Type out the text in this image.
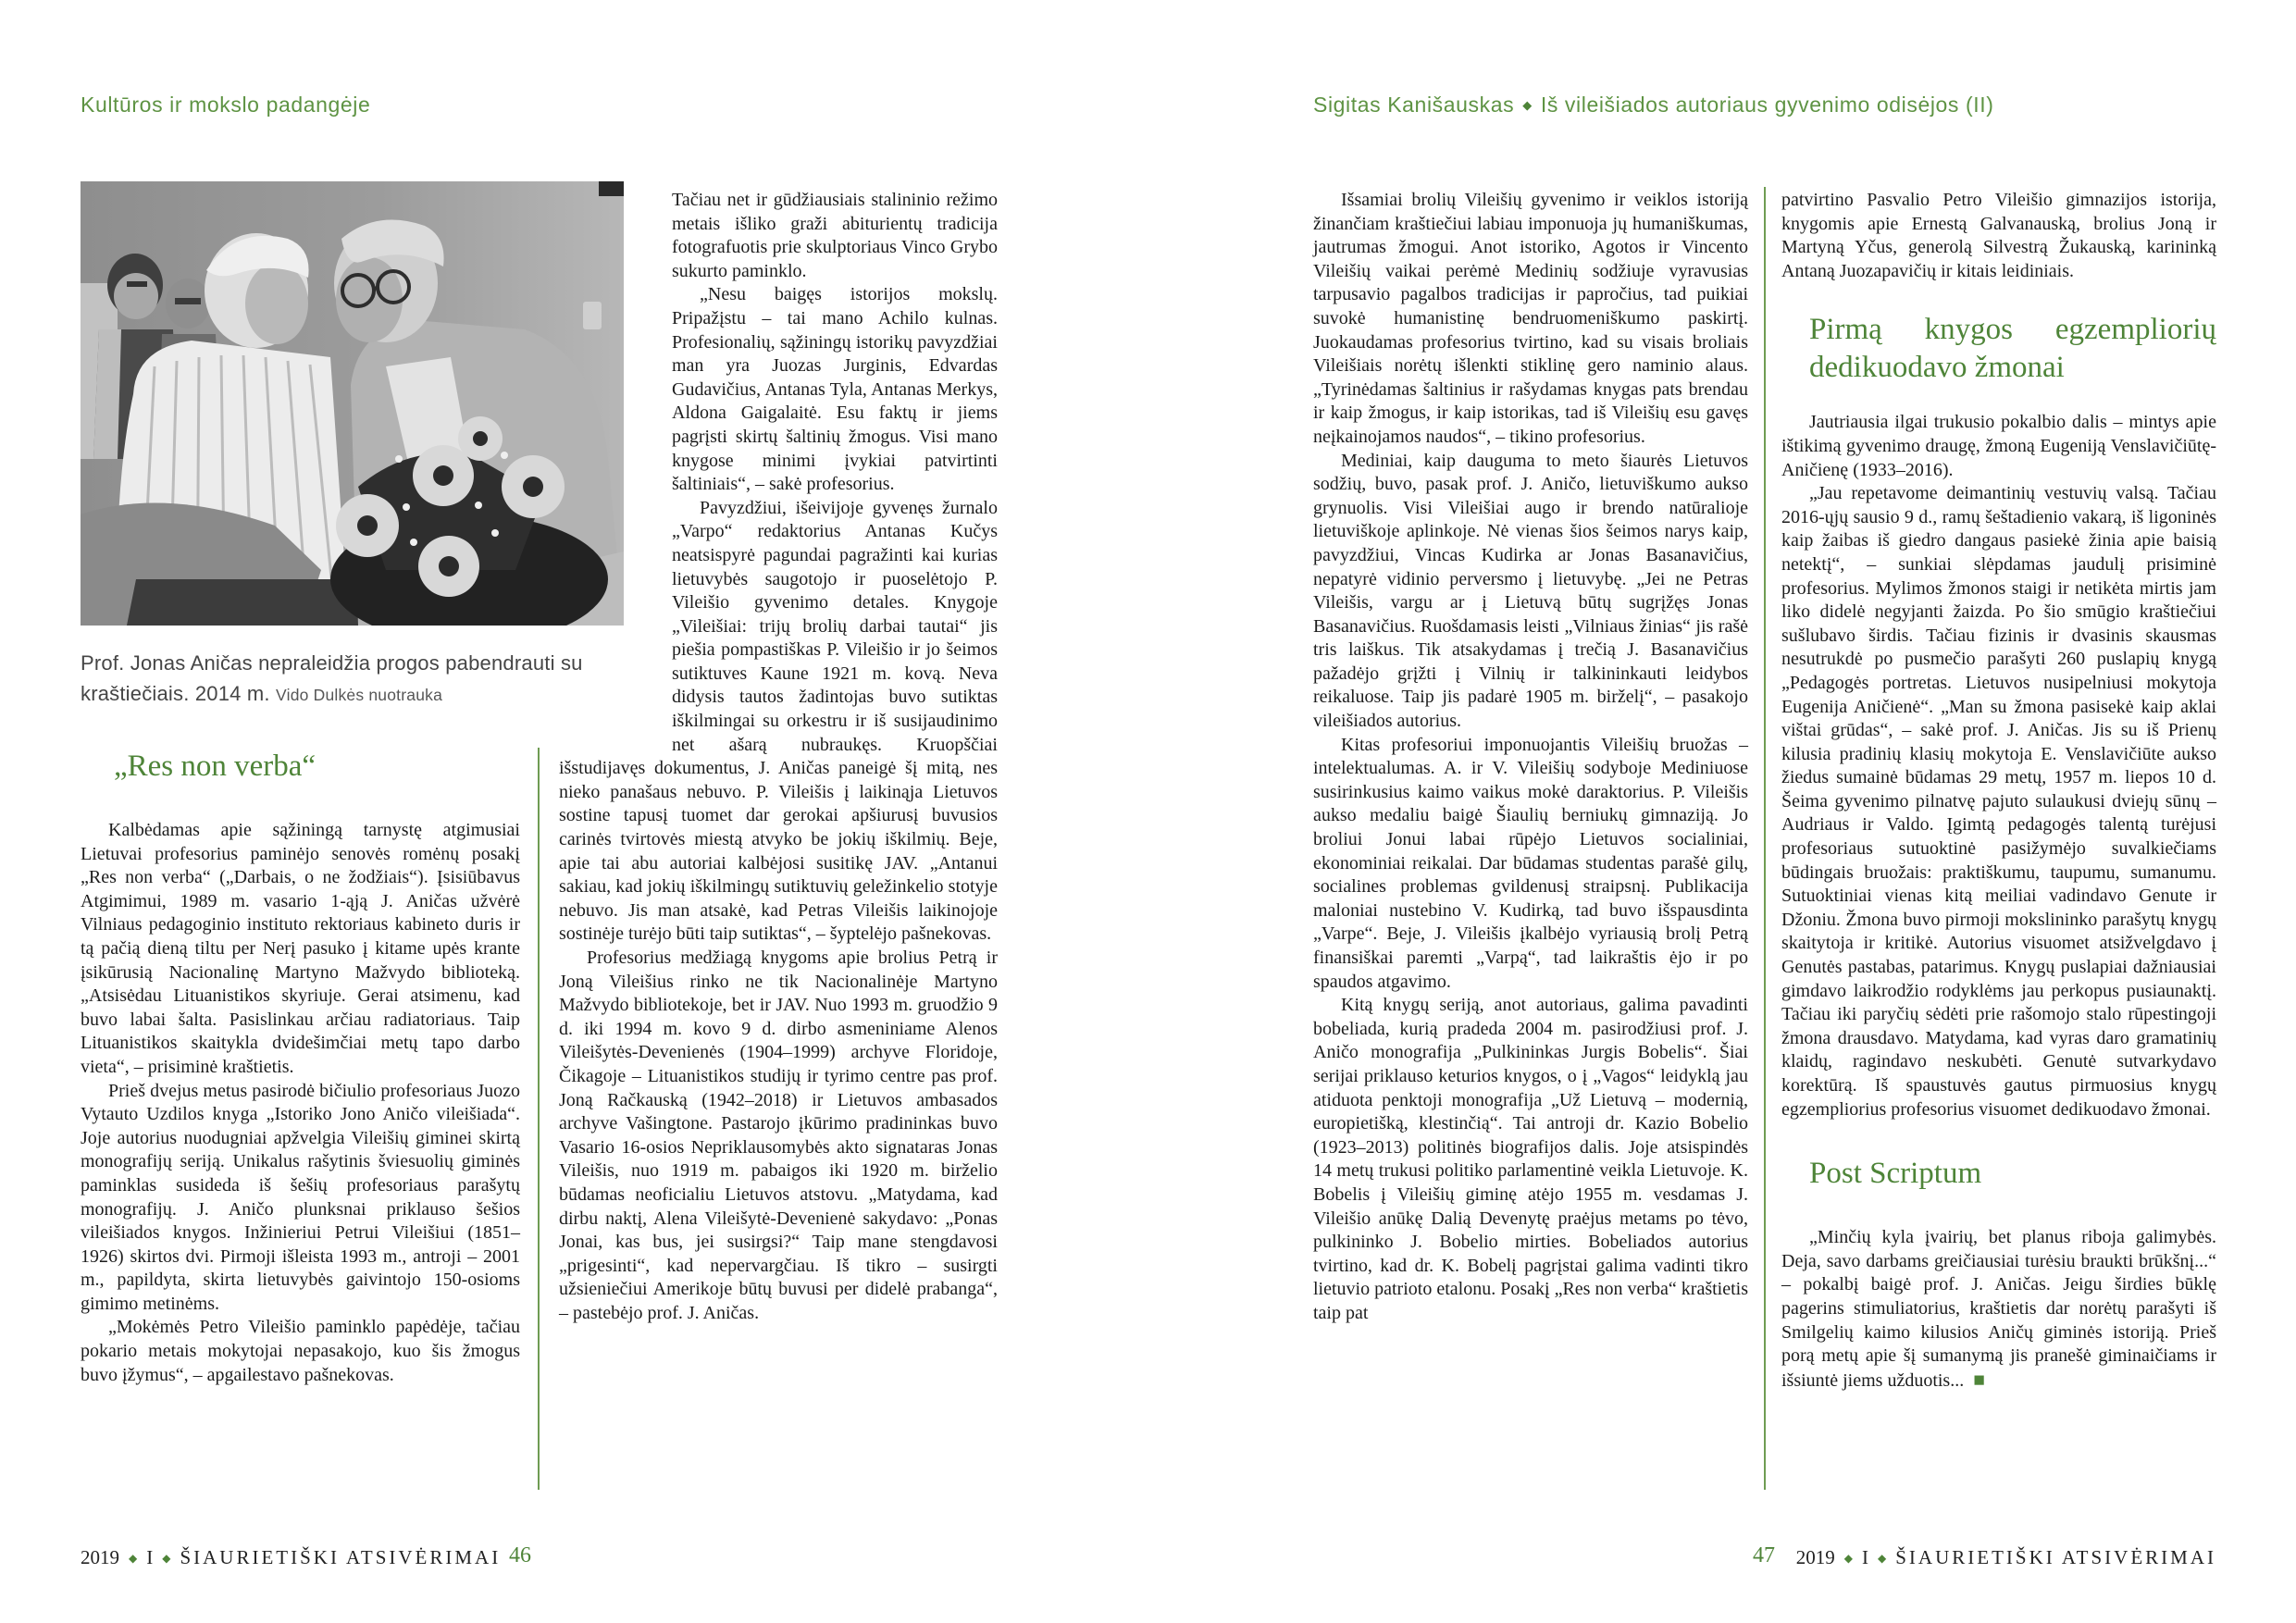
Kultūros ir mokslo padangėje	Sigitas Kanišauskas ◆ Iš vileišiados autoriaus gyvenimo odisėjos (II)
Prof. Jonas Aničas nepraleidžia progos pabendrauti su kraštiečiais. 2014 m. Vido Dulkės nuotrauka
„Res non verba“

Kalbėdamas apie sąžiningą tarnystę atgimusiai Lietuvai profesorius paminėjo senovės romėnų posakį „Res non verba“ („Darbais, o ne žodžiais“). Įsisiūbavus Atgimimui, 1989 m. vasario 1-ąją J. Aničas užvėrė Vilniaus pedagoginio instituto rektoriaus kabineto duris ir tą pačią dieną tiltu per Nerį pasuko į kitame upės krante įsikūrusią Nacionalinę Martyno Mažvydo biblioteką. „Atsisėdau Lituanistikos skyriuje. Gerai atsimenu, kad buvo labai šalta. Pasislinkau arčiau radiatoriaus. Taip Lituanistikos skaitykla dvidešimčiai metų tapo darbo vieta“, – prisiminė kraštietis.

Prieš dvejus metus pasirodė bičiulio profesoriaus Juozo Vytauto Uzdilos knyga „Istoriko Jono Aničo vileišiada“. Joje autorius nuodugniai apžvelgia Vileišių giminei skirtą monografijų seriją. Unikalus rašytinis šviesuolių giminės paminklas susideda iš šešių profesoriaus parašytų monografijų. J. Aničo plunksnai priklauso šešios vileišiados knygos. Inžinieriui Petrui Vileišiui (1851–1926) skirtos dvi. Pirmoji išleista 1993 m., antroji – 2001 m., papildyta, skirta lietuvybės gaivintojo 150-osioms gimimo metinėms.

„Mokėmės Petro Vileišio paminklo papėdėje, tačiau pokario metais mokytojai nepasakojo, kuo šis žmogus buvo įžymus“, – apgailestavo pašnekovas.

Tačiau net ir gūdžiausiais stalininio režimo metais išliko graži abiturientų tradicija fotografuotis prie skulptoriaus Vinco Grybo sukurto paminklo.

„Nesu baigęs istorijos mokslų. Pripažįstu – tai mano Achilo kulnas. Profesionalių, sąžiningų istorikų pavyzdžiai man yra Juozas Jurginis, Edvardas Gudavičius, Antanas Tyla, Antanas Merkys, Aldona Gaigalaitė. Esu faktų ir jiems pagrįsti skirtų šaltinių žmogus. Visi mano knygose minimi įvykiai patvirtinti šaltiniais“, – sakė profesorius.

Pavyzdžiui, išeivijoje gyvenęs žurnalo „Varpo“ redaktorius Antanas Kučys neatsispyrė pagundai pagražinti kai kurias lietuvybės saugotojo ir puoselėtojo P. Vileišio gyvenimo detales. Knygoje „Vileišiai: trijų brolių darbai tautai“ jis piešia pompastiškas P. Vileišio ir jo šeimos sutiktuves Kaune 1921 m. kovą. Neva didysis tautos žadintojas buvo sutiktas iškilmingai su orkestru ir iš susijaudinimo net ašarą nubraukęs. Kruopščiai išstudijavęs dokumentus, J. Aničas paneigė šį mitą, nes nieko panašaus nebuvo. P. Vileišis į laikinąja Lietuvos sostine tapusį tuomet dar gerokai apšiurusį buvusios carinės tvirtovės miestą atvyko be jokių iškilmių. Beje, apie tai abu autoriai kalbėjosi susitikę JAV. „Antanui sakiau, kad jokių iškilmingų sutiktuvių geležinkelio stotyje nebuvo. Jis man atsakė, kad Petras Vileišis laikinojoje sostinėje turėjo būti taip sutiktas“, – šyptelėjo pašnekovas.

Profesorius medžiagą knygoms apie brolius Petrą ir Joną Vileišius rinko ne tik Nacionalinėje Martyno Mažvydo bibliotekoje, bet ir JAV. Nuo 1993 m. gruodžio 9 d. iki 1994 m. kovo 9 d. dirbo asmeniniame Alenos Vileišytės-Devenienės (1904–1999) archyve Floridoje, Čikagoje – Lituanistikos studijų ir tyrimo centre pas prof. Joną Račkauską (1942–2018) ir Lietuvos ambasados archyve Vašingtone. Pastarojo įkūrimo pradininkas buvo Vasario 16-osios Nepriklausomybės akto signataras Jonas Vileišis, nuo 1919 m. pabaigos iki 1920 m. birželio būdamas neoficialiu Lietuvos atstovu. „Matydama, kad dirbu naktį, Alena Vileišytė-Devenienė sakydavo: „Ponas Jonai, kas bus, jei susirgsi?“ Taip mane stengdavosi „prigesinti“, kad nepervargčiau. Iš tikro – susirgti užsieniečiui Amerikoje būtų buvusi per didelė prabanga“, – pastebėjo prof. J. Aničas.

Išsamiai brolių Vileišių gyvenimo ir veiklos istoriją žinančiam kraštiečiui labiau imponuoja jų humaniškumas, jautrumas žmogui. Anot istoriko, Agotos ir Vincento Vileišių vaikai perėmė Medinių sodžiuje vyravusias tarpusavio pagalbos tradicijas ir papročius, tad puikiai suvokė humanistinę bendruomeniškumo paskirtį. Juokaudamas profesorius tvirtino, kad su visais broliais Vileišiais norėtų išlenkti stiklinę gero naminio alaus. „Tyrinėdamas šaltinius ir rašydamas knygas pats brendau ir kaip žmogus, ir kaip istorikas, tad iš Vileišių esu gavęs neįkainojamos naudos“, – tikino profesorius.

Mediniai, kaip dauguma to meto šiaurės Lietuvos sodžių, buvo, pasak prof. J. Aničo, lietuviškumo aukso grynuolis. Visi Vileišiai augo ir brendo natūralioje lietuviškoje aplinkoje. Nė vienas šios šeimos narys kaip, pavyzdžiui, Vincas Kudirka ar Jonas Basanavičius, nepatyrė vidinio perversmo į lietuvybę. „Jei ne Petras Vileišis, vargu ar į Lietuvą būtų sugrįžęs Jonas Basanavičius. Ruošdamasis leisti „Vilniaus žinias“ jis rašė tris laiškus. Tik atsakydamas į trečią J. Basanavičius pažadėjo grįžti į Vilnių ir talkininkauti leidybos reikaluose. Taip jis padarė 1905 m. birželį“, – pasakojo vileišiados autorius.

Kitas profesoriui imponuojantis Vileišių bruožas – intelektualumas. A. ir V. Vileišių sodyboje Mediniuose susirinkusius kaimo vaikus mokė daraktorius. P. Vileišis aukso medaliu baigė Šiaulių berniukų gimnaziją. Jo broliui Jonui labai rūpėjo Lietuvos socialiniai, ekonominiai reikalai. Dar būdamas studentas parašė gilų, socialines problemas gvildenusį straipsnį. Publikacija maloniai nustebino V. Kudirką, tad buvo išspausdinta „Varpe“. Beje, J. Vileišis įkalbėjo vyriausią brolį Petrą finansiškai paremti „Varpą“, tad laikraštis ėjo ir po spaudos atgavimo.

Kitą knygų seriją, anot autoriaus, galima pavadinti bobeliada, kurią pradeda 2004 m. pasirodžiusi prof. J. Aničo monografija „Pulkininkas Jurgis Bobelis“. Šiai serijai priklauso keturios knygos, o į „Vagos“ leidyklą jau atiduota penktoji monografija „Už Lietuvą – modernią, europietišką, klestinčią“. Tai antroji dr. Kazio Bobelio (1923–2013) politinės biografijos dalis. Joje atsispindės 14 metų trukusi politiko parlamentinė veikla Lietuvoje. K. Bobelis į Vileišių giminę atėjo 1955 m. vesdamas J. Vileišio anūkę Dalią Devenytę praėjus metams po tėvo, pulkininko J. Bobelio mirties. Bobeliados autorius tvirtino, kad dr. K. Bobelį pagrįstai galima vadinti tikro lietuvio patrioto etalonu. Posakį „Res non verba“ kraštietis taip pat

patvirtino Pasvalio Petro Vileišio gimnazijos istorija, knygomis apie Ernestą Galvanauską, brolius Joną ir Martyną Yčus, generolą Silvestrą Žukauską, karininką Antaną Juozapavičių ir kitais leidiniais.

Pirmą knygos egzempliorių dedikuodavo žmonai

Jautriausia ilgai trukusio pokalbio dalis – mintys apie ištikimą gyvenimo draugę, žmoną Eugeniją Venslavičiūtę-Aničienę (1933–2016).

„Jau repetavome deimantinių vestuvių valsą. Tačiau 2016-ųjų sausio 9 d., ramų šeštadienio vakarą, iš ligoninės kaip žaibas iš giedro dangaus pasiekė žinia apie baisią netektį“, – sunkiai slėpdamas jaudulį prisiminė profesorius. Mylimos žmonos staigi ir netikėta mirtis jam liko didelė negyjanti žaizda. Po šio smūgio kraštiečiui sušlubavo širdis. Tačiau fizinis ir dvasinis skausmas nesutrukdė po pusmečio parašyti 260 puslapių knygą „Pedagogės portretas. Lietuvos nusipelniusi mokytoja Eugenija Aničienė“. „Man su žmona pasisekė kaip aklai vištai grūdas“, – sakė prof. J. Aničas. Jis su iš Prienų kilusia pradinių klasių mokytoja E. Venslavičiūte aukso žiedus sumainė būdamas 29 metų, 1957 m. liepos 10 d. Šeima gyvenimo pilnatvę pajuto sulaukusi dviejų sūnų – Audriaus ir Valdo. Įgimtą pedagogės talentą turėjusi profesoriaus sutuoktinė pasižymėjo suvalkiečiams būdingais bruožais: praktiškumu, taupumu, sumanumu. Sutuoktiniai vienas kitą meiliai vadindavo Genute ir Džoniu. Žmona buvo pirmoji mokslininko parašytų knygų skaitytoja ir kritikė. Autorius visuomet atsižvelgdavo į Genutės pastabas, patarimus. Knygų puslapiai dažniausiai gimdavo laikrodžio rodyklėms jau perkopus pusiaunaktį. Tačiau iki paryčių sėdėti prie rašomojo stalo rūpestingoji žmona drausdavo. Matydama, kad vyras daro gramatinių klaidų, ragindavo neskubėti. Genutė sutvarkydavo korektūrą. Iš spaustuvės gautus pirmuosius knygų egzempliorius profesorius visuomet dedikuodavo žmonai.

Post Scriptum

„Minčių kyla įvairių, bet planus riboja galimybės. Deja, savo darbams greičiausiai turėsiu braukti brūkšnį...“ – pokalbį baigė prof. J. Aničas. Jeigu širdies būklę pagerins stimuliatorius, kraštietis dar norėtų parašyti iš Smilgelių kaimo kilusios Aničų giminės istoriją. Prieš porą metų apie šį sumanymą jis pranešė giminaičiams ir išsiuntė jiems užduotis... ■

2019 ◆ I ◆ ŠIAURIETIŠKI ATSIVĖRIMAI 46	47 2019 ◆ I ◆ ŠIAURIETIŠKI ATSIVĖRIMAI
